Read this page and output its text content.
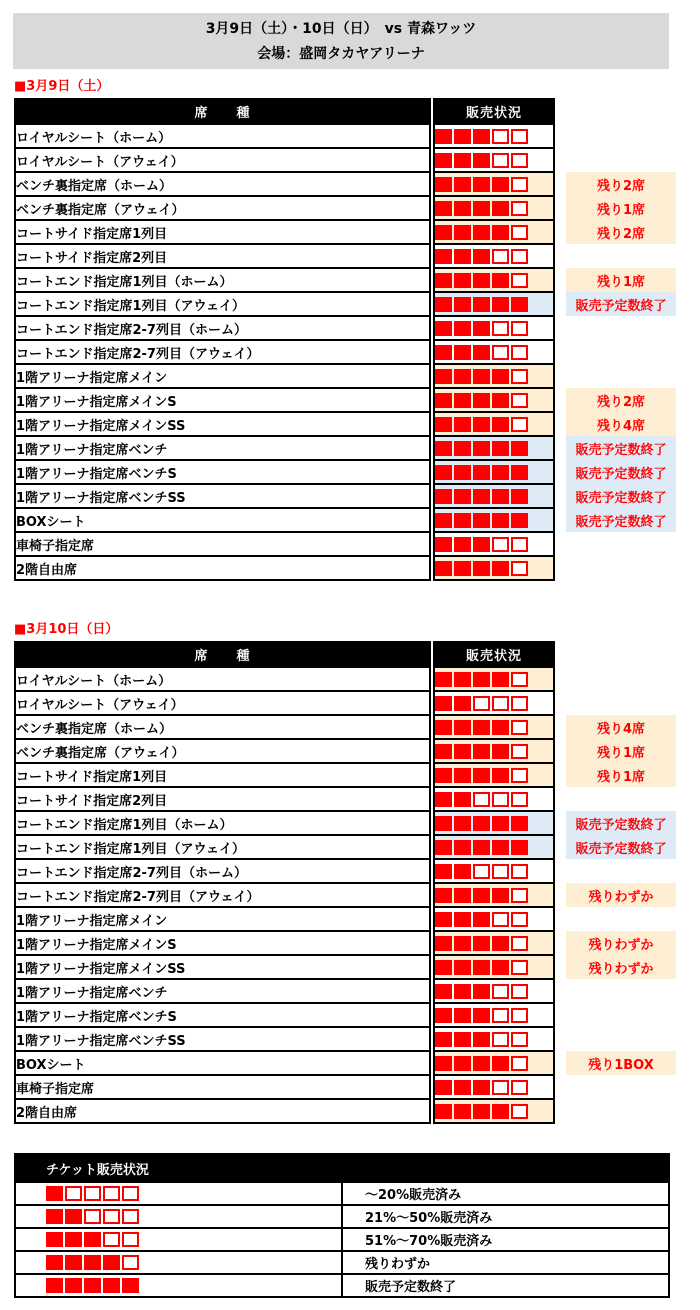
3月9日（土）・10日（日）　vs 青森ワッツ
会場：盛岡タカヤアリーナ
■3月9日（土）
席　　種		販売状況		
ロイヤルシート（ホーム）		

ロイヤルシート（アウェイ）		

ベンチ裏指定席（ホーム）				残り2席
ベンチ裏指定席（アウェイ）				残り1席
コートサイド指定席1列目				残り2席
コートサイド指定席2列目		

コートエンド指定席1列目（ホーム）				残り1席
コートエンド指定席1列目（アウェイ）				販売予定数終了
コートエンド指定席2-7列目（ホーム）		

コートエンド指定席2-7列目（アウェイ）		

1階アリーナ指定席メイン		

1階アリーナ指定席メインS				残り2席
1階アリーナ指定席メインSS				残り4席
1階アリーナ指定席ベンチ				販売予定数終了
1階アリーナ指定席ベンチS				販売予定数終了
1階アリーナ指定席ベンチSS				販売予定数終了
BOXシート				販売予定数終了
車椅子指定席		

2階自由席		

■3月10日（日）
席　　種		販売状況		
ロイヤルシート（ホーム）		

ロイヤルシート（アウェイ）		

ベンチ裏指定席（ホーム）				残り4席
ベンチ裏指定席（アウェイ）				残り1席
コートサイド指定席1列目				残り1席
コートサイド指定席2列目		

コートエンド指定席1列目（ホーム）				販売予定数終了
コートエンド指定席1列目（アウェイ）				販売予定数終了
コートエンド指定席2-7列目（ホーム）		

コートエンド指定席2-7列目（アウェイ）				残りわずか
1階アリーナ指定席メイン		

1階アリーナ指定席メインS				残りわずか
1階アリーナ指定席メインSS				残りわずか
1階アリーナ指定席ベンチ		

1階アリーナ指定席ベンチS		

1階アリーナ指定席ベンチSS		

BOXシート				残り1BOX
車椅子指定席		

2階自由席		

チケット販売状況	

	～20%販売済み

	21%～50%販売済み

	51%～70%販売済み

	残りわずか

	販売予定数終了
